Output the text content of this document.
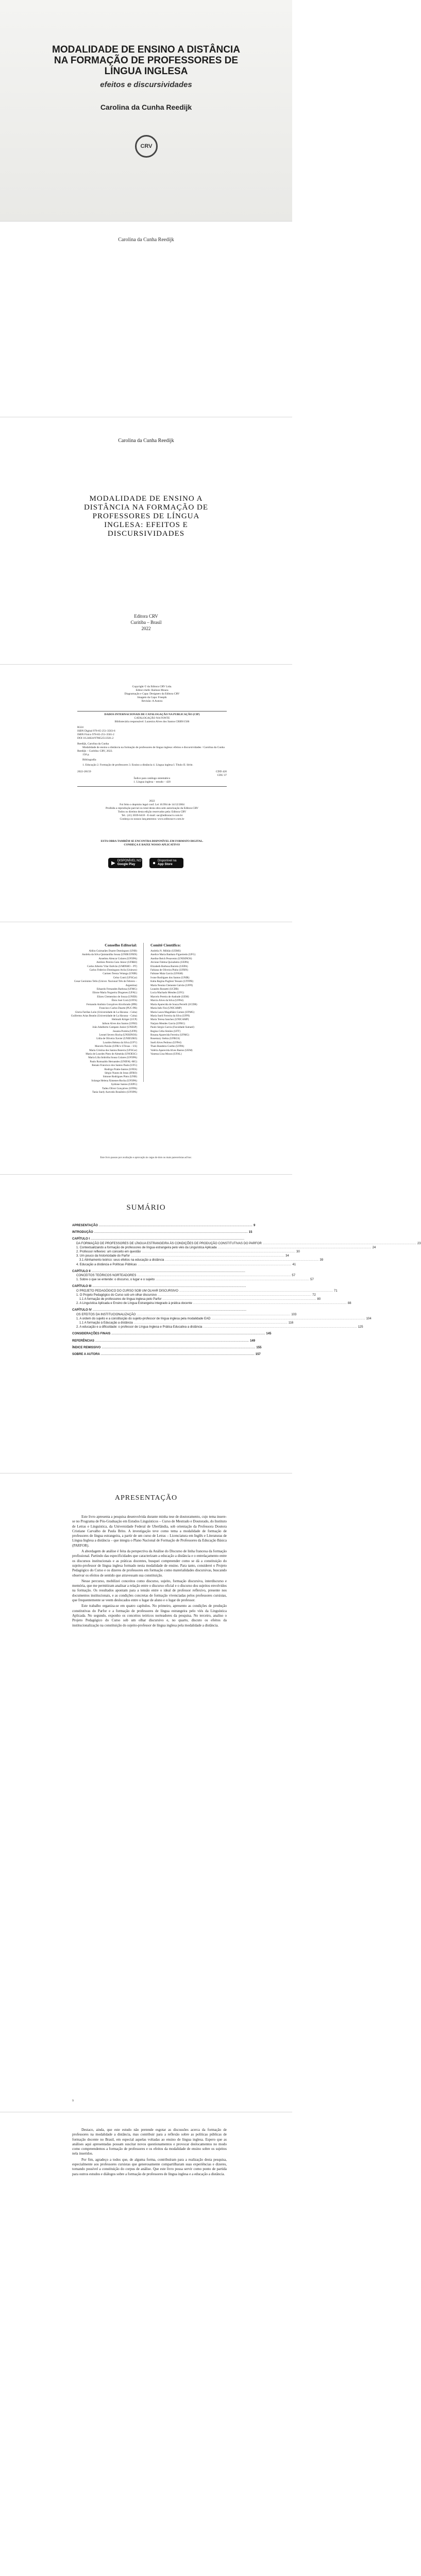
MODALIDADE DE ENSINO A DISTÂNCIA NA FORMAÇÃO DE PROFESSORES DE LÍNGUA INGLESA
efeitos e discursividades
Carolina da Cunha Reedijk
CRV
Carolina da Cunha Reedijk
Carolina da Cunha Reedijk
MODALIDADE DE ENSINO A DISTÂNCIA NA FORMAÇÃO DE PROFESSORES DE LÍNGUA INGLESA: EFEITOS E DISCURSIVIDADES
Editora CRV
Curitiba – Brasil
2022
Copyright © da Editora CRV Ltda.
Editor-chefe: Railson Moura
Diagramação e Capa: Designers da Editora CRV
Imagem da Capa: Freepik
Revisão: A Autora
DADOS INTERNACIONAIS DE CATALOGAÇÃO NA PUBLICAÇÃO (CIP)
CATALOGAÇÃO NA FONTE
Bibliotecária responsável: Luzenira Alves dos Santos CRB9/1506
R324
ISBN Digital 978-65-251-3503-6
ISBN Físico 978-65-251-3501-2
DOI 10.24824/978652513501.2
Reedijk, Carolina da Cunha
Modalidade de ensino a distância na formação de professores de língua inglesa: efeitos e discursividades / Carolina da Cunha Reedijk – Curitiba: CRV, 2022.
158 p.
Bibliografia
1. Educação 2. Formação de professores 3. Ensino a distância 4. Língua inglesa I. Título II. Série.
2022-28159	CDD 420
CDU 37
Índice para catálogo sistemático
1. Língua inglesa – estudo – 420
2022
Foi feito o depósito legal conf. Lei 10.994 de 14/12/2004
Proibida a reprodução parcial ou total desta obra sem autorização da Editora CRV
Todos os direitos desta edição reservados pela: Editora CRV
Tel.: (41) 3039-6418 - E-mail: sac@editoracrv.com.br
Conheça os nossos lançamentos: www.editoracrv.com.br
ESTA OBRA TAMBÉM SE ENCONTRA DISPONÍVEL EM FORMATO DIGITAL.
CONHEÇA E BAIXE NOSSO APLICATIVO!
▶ DISPONÍVEL NO
Google Play	● Disponível na
App Store
Conselho Editorial:
Aldira Guimarães Duarte Domínguez (UNB)
Andréia da Silva Quintanilha Sousa (UNIR/UFRN)
Anselmo Alencar Colares (UFOPA)
Antônio Pereira Gaio Júnior (UFRRJ)
Carlos Alberto Vilar Estêvão (UMINHO – PT)
Carlos Federico Dominguez Avila (Unieuro)
Carmen Tereza Velanga (UNIR)
Celso Conti (UFSCar)
Cesar Gerónimo Tello (Univer. Nacional Três de Febrero – Argentina)
Eduardo Fernandes Barbosa (UFMG)
Elione Maria Nogueira Diogenes (UFAL)
Elizeu Clementino de Souza (UNEB)
Élsio José Corá (UFFS)
Fernando Antônio Gonçalves Alcoforado (IPB)
Francisco Carlos Duarte (PUC-PR)
Gloria Fariñas León (Universidade de La Havana – Cuba)
Guillermo Arias Beatón (Universidade de La Havana – Cuba)
Helmuth Krüger (UCP)
Jailson Alves dos Santos (UFRJ)
João Adalberto Campato Junior (UNESP)
Josania Portela (UFPI)
Leonel Severo Rocha (UNISINOS)
Lídia de Oliveira Xavier (UNIEURO)
Lourdes Helena da Silva (UFV)
Marcelo Paixão (UFRJ e UTexas – US)
Maria Cristina dos Santos Bezerra (UFSCar)
Maria de Lourdes Pinto de Almeida (UNOESC)
Maria Lília Imbiriba Sousa Colares (UFOPA)
Paulo Romualdo Hernandes (UNIFAL-MG)
Renato Francisco dos Santos Paula (UFG)
Rodrigo Pratte-Santos (UFES)
Sérgio Nunes de Jesus (IFRO)
Simone Rodrigues Pinto (UNB)
Solange Helena Ximenes-Rocha (UFOPA)
Sydione Santos (UEPG)
Tadeu Oliver Gonçalves (UFPA)
Tania Suely Azevedo Brasileiro (UFOPA)
Comitê Científico:
Andréia N. Militão (UEMS)
Anelice Maria Banhara Figueiredo (UFG)
Anelise Reich Pesavento (UNISINOS)
Alcione Fátima Quixabeira (UEPA)
Elizabeth Barbosa Barreto (UEPA)
Fabiana de Oliveira Pinho (UFRN)
Fabiane Maia Garcia (UFAM)
Ivone Rodrigues dos Santos (UNIR)
Kátia Regina Pugliesi Tessaro (UTFPR)
Maria Neuma Clemente Galvão (UFPI)
Leandro Rossetti (UCDB)
Lucia Machado Mendes (UFG)
Marcelo Pereira de Andrade (UEM)
Marcia Alves da Silva (UFPel)
Maria Aparecida de Souza Perrelli (UCDB)
Maria Inês Fini (UNICAMP)
Maria Laura Magalhães Gomes (UFMG)
Maria Sueli Ferreira da Silva (UFPI)
Maria Teresa Sanchez (UNICAMP)
Narjara Mendes Garcia (UFRG)
Paulo Sergio Garcia (Faculdade Sumaré)
Regina Célia Simões (UFT)
Rosana Aparecida Ferreira (UFMG)
Rosemary Siebra (UFRGS)
Sueli Alves Pedroso (UFPel)
Thaís Bandeira Coelho (UFPA)
Valéria Aparecida Alves Bastos (UEM)
Vanessa Lina Moura (UFAL)
Este livro passou por avaliação e aprovação às cegas de dois ou mais pareceristas ad hoc.
SUMÁRIO
APRESENTAÇÃO .....	9
INTRODUÇÃO .....	15
CAPÍTULO I .....
DA FORMAÇÃO DE PROFESSORES DE LÍNGUA ESTRANGEIRA ÀS CONDIÇÕES DE PRODUÇÃO CONSTITUTIVAS DO PARFOR .....	23
1. Contextualizando a formação de professores de língua estrangeira pelo viés da Linguística Aplicada .....	24
2. Professor reflexivo: um conceito em questão .....	30
3. Um pouco da historicidade do Parfor .....	34
3.1 Alinhamento teórico: seus efeitos na educação a distância .....	39
4. Educação a distância e Políticas Públicas .....	41
CAPÍTULO II .....
CONCEITOS TEÓRICOS NORTEADORES .....	57
1. Sobre o que se entende: o discurso, o lugar e o sujeito .....	57
CAPÍTULO III .....
O PROJETO PEDAGÓGICO DO CURSO SOB UM OLHAR DISCURSIVO .....	71
1. O Projeto Pedagógico do Curso sob um olhar discursivo .....	72
1.1 A formação de professores de língua inglesa pelo Parfor .....	80
2. A Linguística Aplicada e Ensino de Língua Estrangeira integrado à prática docente .....	88
CAPÍTULO IV .....
OS EFEITOS DA INSTITUCIONALIZAÇÃO .....	103
1. A ordem do sujeito e a constituição do sujeito-professor de língua inglesa pela modalidade EAD .....	104
1.1 A formação à Educação a distância .....	116
2. A educação e a dificuldade: o professor de Língua Inglesa e Prática Educativa a distância .....	125
CONSIDERAÇÕES FINAIS .....	145
REFERÊNCIAS .....	149
ÍNDICE REMISSIVO .....	155
SOBRE A AUTORA .....	157
APRESENTAÇÃO

Este livro apresenta a pesquisa desenvolvida durante minha tese de doutoramento, cujo tema insere-se no Programa de Pós-Graduação em Estudos Linguísticos – Curso de Mestrado e Doutorado, do Instituto de Letras e Linguística, da Universidade Federal de Uberlândia, sob orientação da Professora Doutora Cristiane Carvalho de Paula Brito. A investigação teve como tema a modalidade de formação de professores de língua estrangeira, a partir de um curso de Letras – Licenciatura em Inglês e Literaturas de Língua Inglesa a distância – que integra o Plano Nacional de Formação de Professores da Educação Básica (PARFOR).

A abordagem de análise é feita da perspectiva da Análise do Discurso de linha francesa da formação profissional. Partindo das especificidades que caracterizam a educação a distância e o entrelaçamento entre os discursos institucionais e as práticas docentes, busquei compreender como se dá a constituição do sujeito-professor de língua inglesa formado nesta modalidade de ensino. Para tanto, considerei o Projeto Pedagógico do Curso e os dizeres de professores em formação como materialidades discursivas, buscando observar os efeitos de sentido que atravessam sua constituição.

Nesse percurso, mobilizei conceitos como discurso, sujeito, formação discursiva, interdiscurso e memória, que me permitiram analisar a relação entre o discurso oficial e o discurso dos sujeitos envolvidos na formação. Os resultados apontam para a tensão entre o ideal de professor reflexivo, presente nos documentos institucionais, e as condições concretas de formação vivenciadas pelos professores cursistas, que frequentemente se veem deslocados entre o lugar de aluno e o lugar de professor.

Este trabalho organiza-se em quatro capítulos. No primeiro, apresento as condições de produção constitutivas do Parfor e a formação de professores de língua estrangeira pelo viés da Linguística Aplicada. No segundo, exponho os conceitos teóricos norteadores da pesquisa. No terceiro, analiso o Projeto Pedagógico do Curso sob um olhar discursivo e, no quarto, discuto os efeitos da institucionalização na constituição do sujeito-professor de língua inglesa pela modalidade a distância.

9

Destaco, ainda, que este estudo não pretende esgotar as discussões acerca da formação de professores na modalidade a distância, mas contribuir para a reflexão sobre as políticas públicas de formação docente no Brasil, em especial aquelas voltadas ao ensino de língua inglesa. Espero que as análises aqui apresentadas possam suscitar novos questionamentos e provocar deslocamentos no modo como compreendemos a formação de professores e os efeitos da modalidade de ensino sobre os sujeitos nela inseridos.

Por fim, agradeço a todos que, de alguma forma, contribuíram para a realização desta pesquisa, especialmente aos professores cursistas que generosamente compartilharam suas experiências e dizeres, tornando possível a constituição do corpus de análise. Que este livro possa servir como ponto de partida para outros estudos e diálogos sobre a formação de professores de língua inglesa e a educação a distância.
